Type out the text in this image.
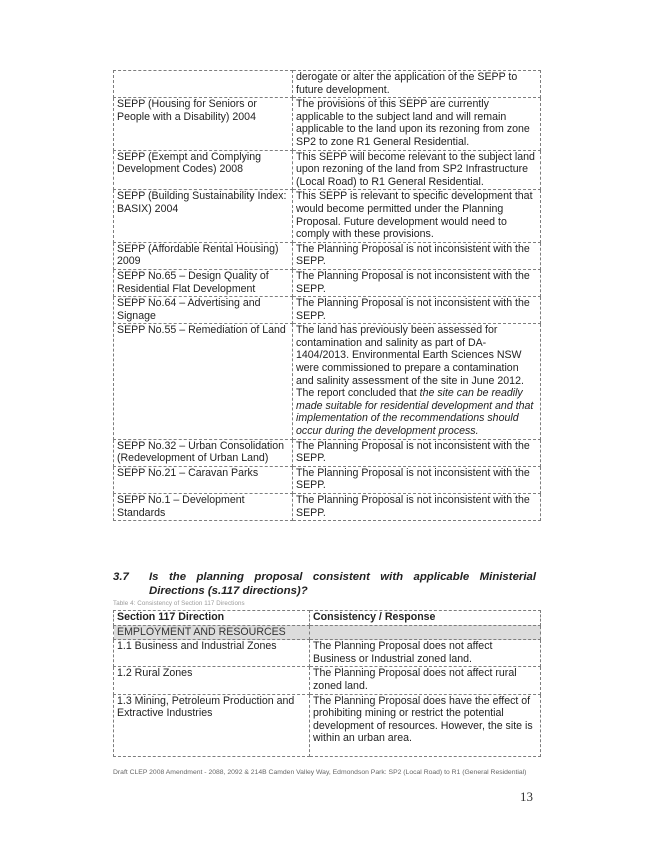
	derogate or alter the application of the SEPP to future development.
SEPP (Housing for Seniors or People with a Disability) 2004	The provisions of this SEPP are currently applicable to the subject land and will remain applicable to the land upon its rezoning from zone SP2 to zone R1 General Residential.
SEPP (Exempt and Complying Development Codes) 2008	This SEPP will become relevant to the subject land upon rezoning of the land from SP2 Infrastructure (Local Road) to R1 General Residential.
SEPP (Building Sustainability Index: BASIX) 2004	This SEPP is relevant to specific development that would become permitted under the Planning Proposal. Future development would need to comply with these provisions.
SEPP (Affordable Rental Housing) 2009	The Planning Proposal is not inconsistent with the SEPP.
SEPP No.65 – Design Quality of Residential Flat Development	The Planning Proposal is not inconsistent with the SEPP.
SEPP No.64 – Advertising and Signage	The Planning Proposal is not inconsistent with the SEPP.
SEPP No.55 – Remediation of Land	The land has previously been assessed for contamination and salinity as part of DA-1404/2013. Environmental Earth Sciences NSW were commissioned to prepare a contamination and salinity assessment of the site in June 2012. The report concluded that the site can be readily made suitable for residential development and that implementation of the recommendations should occur during the development process.
SEPP No.32 – Urban Consolidation (Redevelopment of Urban Land)	The Planning Proposal is not inconsistent with the SEPP.
SEPP No.21 – Caravan Parks	The Planning Proposal is not inconsistent with the SEPP.
SEPP No.1 – Development Standards	The Planning Proposal is not inconsistent with the SEPP.
3.7	Is the planning proposal consistent with applicable Ministerial
Directions (s.117 directions)?
Table 4: Consistency of Section 117 Directions
Section 117 Direction	Consistency / Response
EMPLOYMENT AND RESOURCES	
1.1 Business and Industrial Zones	The Planning Proposal does not affect Business or Industrial zoned land.
1.2 Rural Zones	The Planning Proposal does not affect rural zoned land.
1.3 Mining, Petroleum Production and Extractive Industries	The Planning Proposal does have the effect of prohibiting mining or restrict the potential development of resources. However, the site is within an urban area.
Draft CLEP 2008 Amendment - 2088, 2092 & 214B Camden Valley Way, Edmondson Park: SP2 (Local Road) to R1 (General Residential)
13
